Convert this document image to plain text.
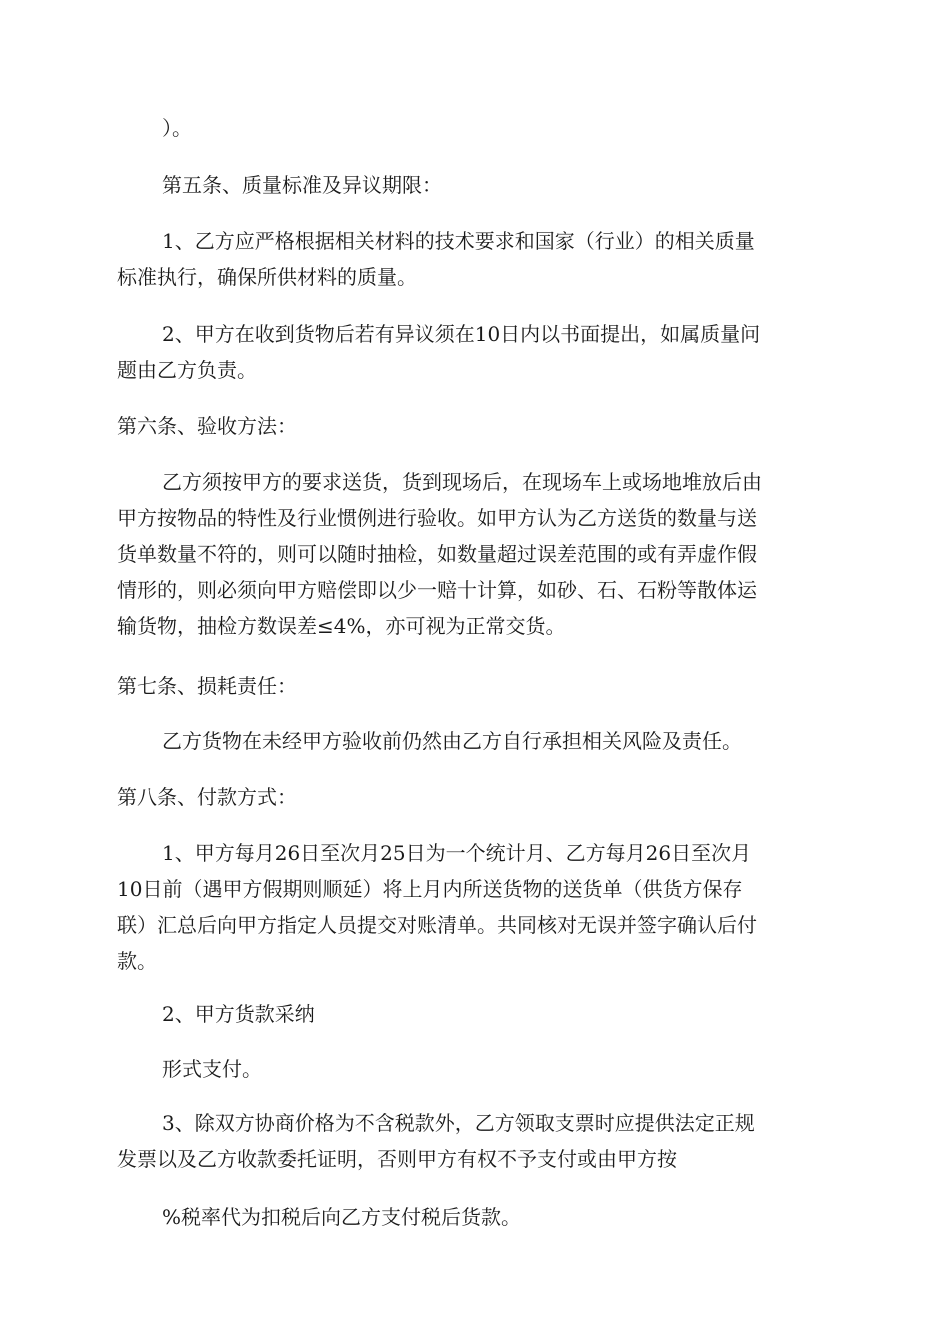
）。
第五条、质量标准及异议期限：
1、乙方应严格根据相关材料的技术要求和国家（行业）的相关质量
标准执行，确保所供材料的质量。
2、甲方在收到货物后若有异议须在10日内以书面提出，如属质量问
题由乙方负责。
第六条、验收方法：
乙方须按甲方的要求送货，货到现场后，在现场车上或场地堆放后由
甲方按物品的特性及行业惯例进行验收。如甲方认为乙方送货的数量与送
货单数量不符的，则可以随时抽检，如数量超过误差范围的或有弄虚作假
情形的，则必须向甲方赔偿即以少一赔十计算，如砂、石、石粉等散体运
输货物，抽检方数误差≤4%，亦可视为正常交货。
第七条、损耗责任：
乙方货物在未经甲方验收前仍然由乙方自行承担相关风险及责任。
第八条、付款方式：
1、甲方每月26日至次月25日为一个统计月、乙方每月26日至次月
10日前（遇甲方假期则顺延）将上月内所送货物的送货单（供货方保存
联）汇总后向甲方指定人员提交对账清单。共同核对无误并签字确认后付
款。
2、甲方货款采纳
形式支付。
3、除双方协商价格为不含税款外，乙方领取支票时应提供法定正规
发票以及乙方收款委托证明，否则甲方有权不予支付或由甲方按
%税率代为扣税后向乙方支付税后货款。
